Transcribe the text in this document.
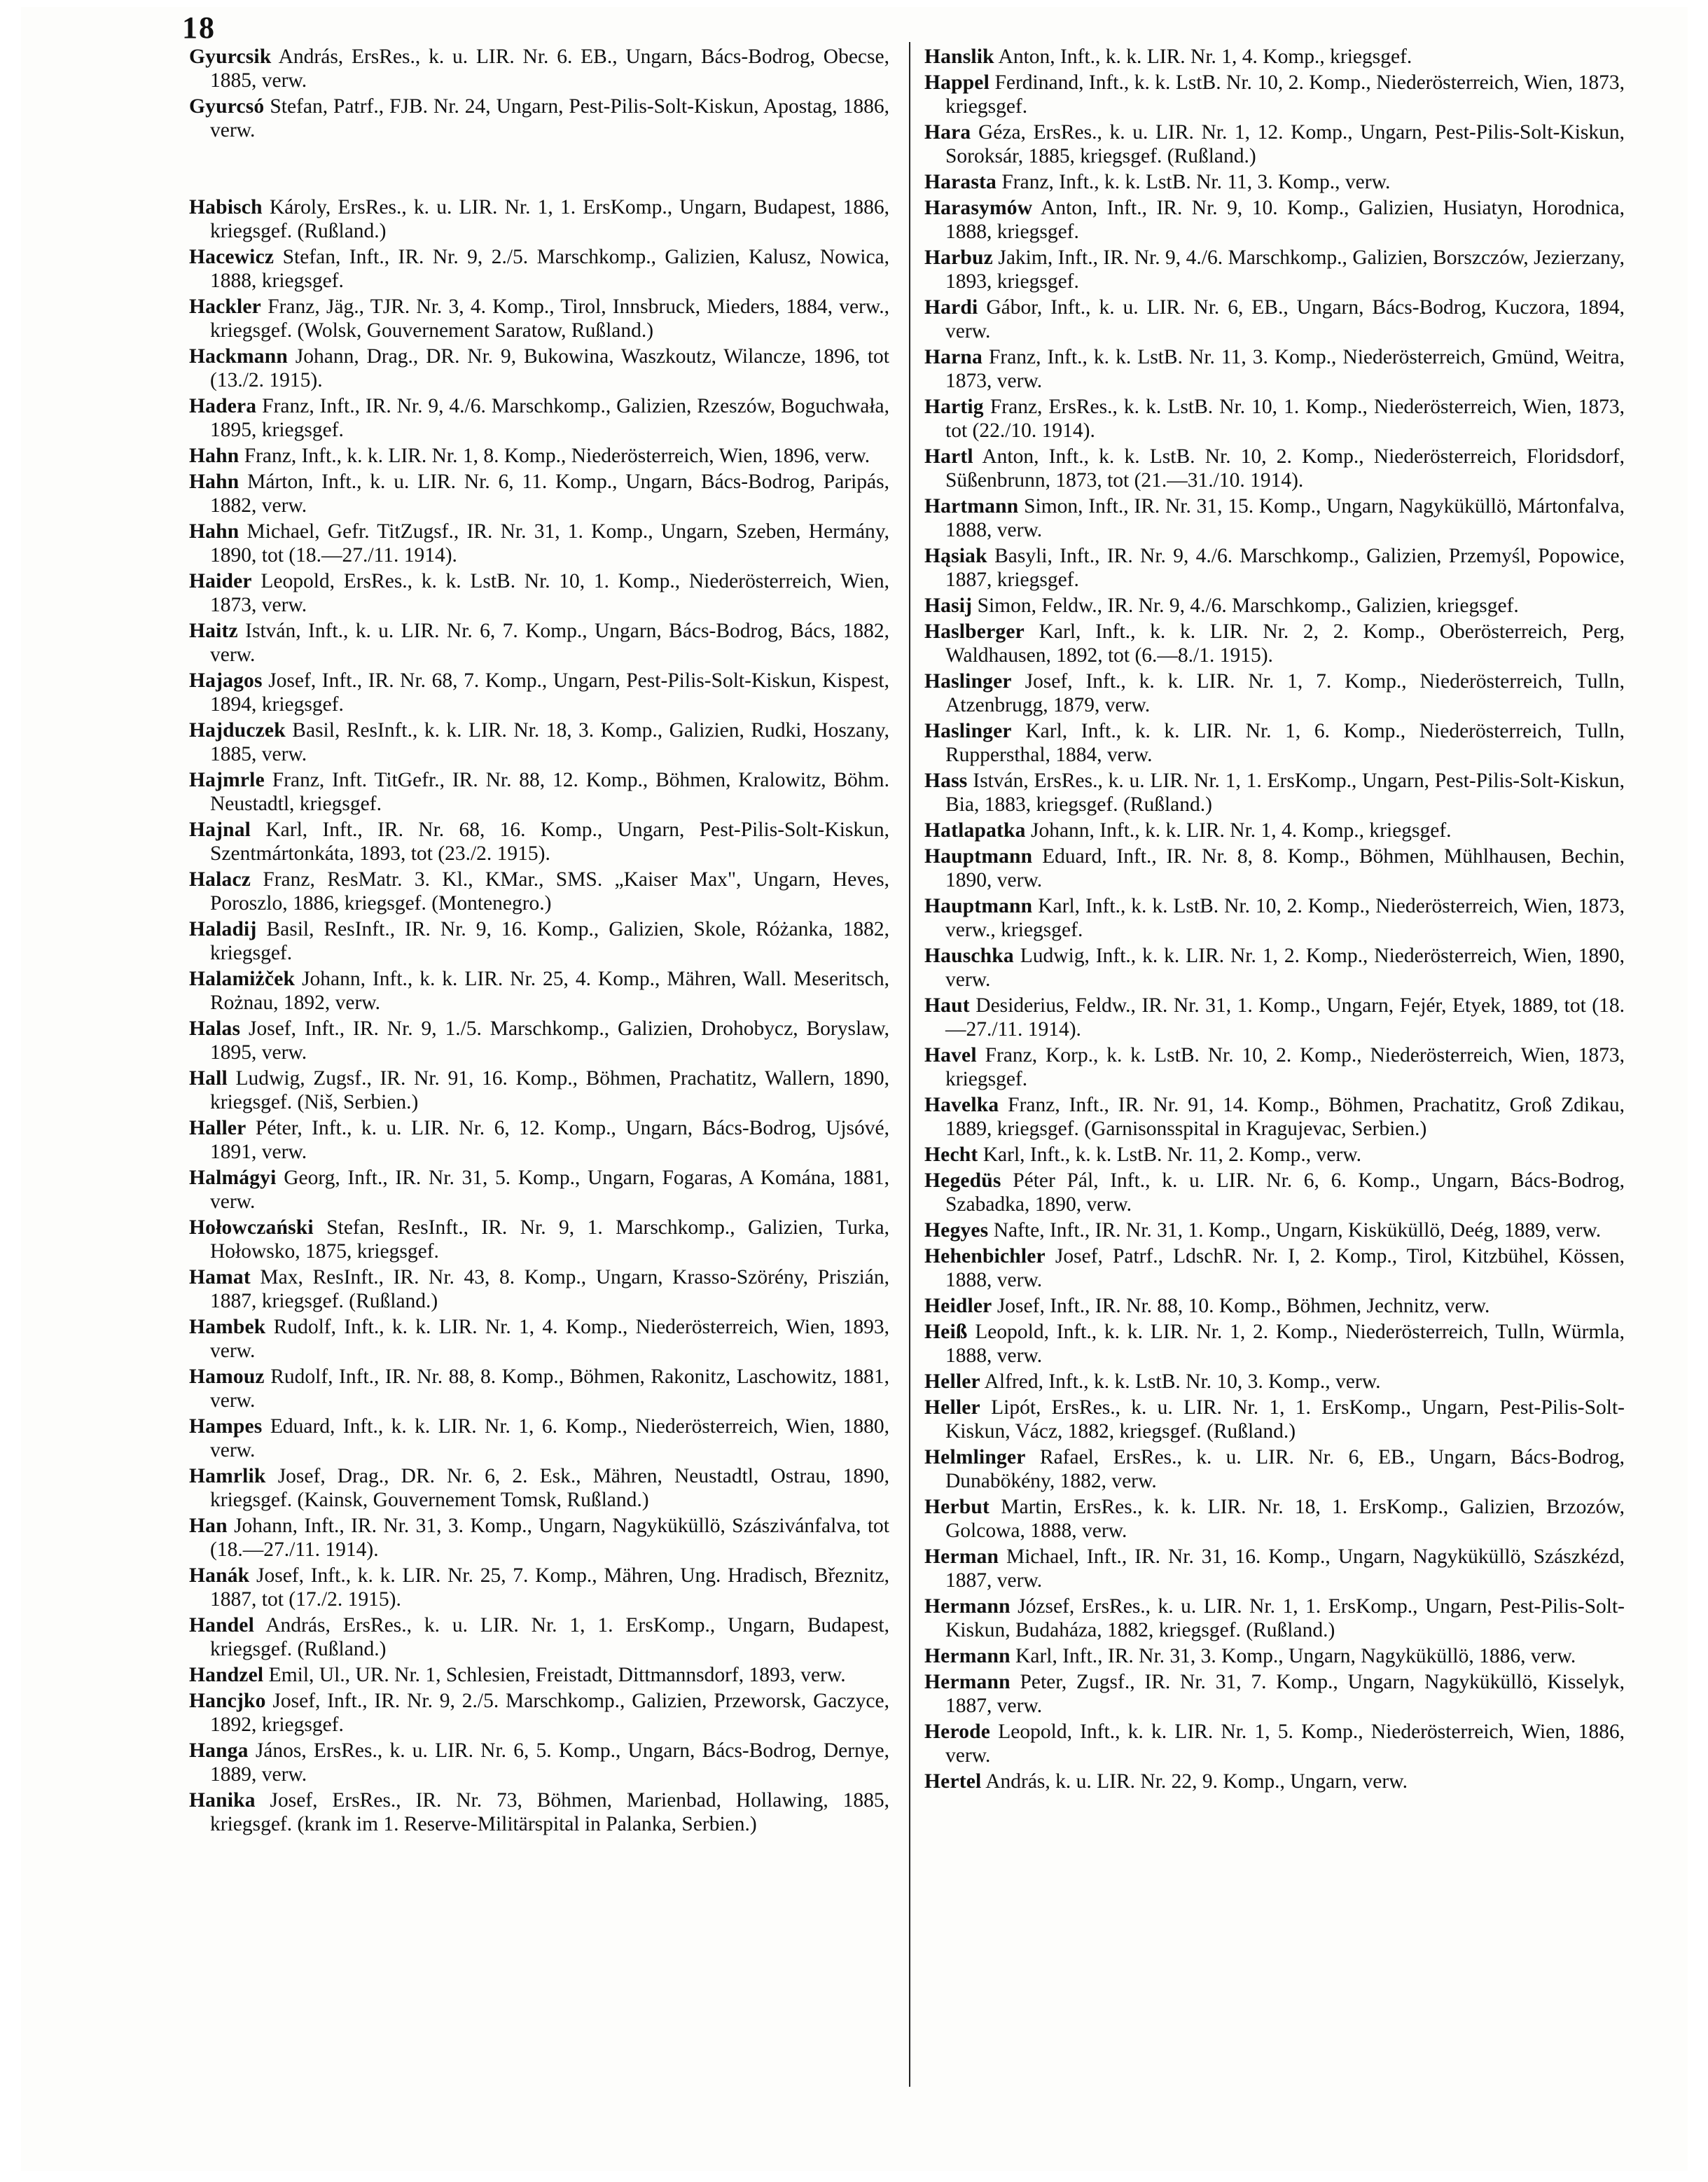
18

Gyurcsik András, ErsRes., k. u. LIR. Nr. 6. EB., Ungarn, Bács-Bodrog, Obecse, 1885, verw.

Gyurcsó Stefan, Patrf., FJB. Nr. 24, Ungarn, Pest-Pilis-Solt-Kiskun, Apostag, 1886, verw.

Habisch Károly, ErsRes., k. u. LIR. Nr. 1, 1. ErsKomp., Ungarn, Budapest, 1886, kriegsgef. (Rußland.)

Hacewicz Stefan, Inft., IR. Nr. 9, 2./5. Marschkomp., Galizien, Kalusz, Nowica, 1888, kriegsgef.

Hackler Franz, Jäg., TJR. Nr. 3, 4. Komp., Tirol, Innsbruck, Mieders, 1884, verw., kriegsgef. (Wolsk, Gouvernement Saratow, Rußland.)

Hackmann Johann, Drag., DR. Nr. 9, Bukowina, Waszkoutz, Wilancze, 1896, tot (13./2. 1915).

Hadera Franz, Inft., IR. Nr. 9, 4./6. Marschkomp., Galizien, Rzeszów, Boguchwała, 1895, kriegsgef.

Hahn Franz, Inft., k. k. LIR. Nr. 1, 8. Komp., Niederösterreich, Wien, 1896, verw.

Hahn Márton, Inft., k. u. LIR. Nr. 6, 11. Komp., Ungarn, Bács-Bodrog, Paripás, 1882, verw.

Hahn Michael, Gefr. TitZugsf., IR. Nr. 31, 1. Komp., Ungarn, Szeben, Hermány, 1890, tot (18.—27./11. 1914).

Haider Leopold, ErsRes., k. k. LstB. Nr. 10, 1. Komp., Niederösterreich, Wien, 1873, verw.

Haitz István, Inft., k. u. LIR. Nr. 6, 7. Komp., Ungarn, Bács-Bodrog, Bács, 1882, verw.

Hajagos Josef, Inft., IR. Nr. 68, 7. Komp., Ungarn, Pest-Pilis-Solt-Kiskun, Kispest, 1894, kriegsgef.

Hajduczek Basil, ResInft., k. k. LIR. Nr. 18, 3. Komp., Galizien, Rudki, Hoszany, 1885, verw.

Hajmrle Franz, Inft. TitGefr., IR. Nr. 88, 12. Komp., Böhmen, Kralowitz, Böhm. Neustadtl, kriegsgef.

Hajnal Karl, Inft., IR. Nr. 68, 16. Komp., Ungarn, Pest-Pilis-Solt-Kiskun, Szentmártonkáta, 1893, tot (23./2. 1915).

Halacz Franz, ResMatr. 3. Kl., KMar., SMS. „Kaiser Max", Ungarn, Heves, Poroszlo, 1886, kriegsgef. (Montenegro.)

Haladij Basil, ResInft., IR. Nr. 9, 16. Komp., Galizien, Skole, Różanka, 1882, kriegsgef.

Halamiżček Johann, Inft., k. k. LIR. Nr. 25, 4. Komp., Mähren, Wall. Meseritsch, Rożnau, 1892, verw.

Halas Josef, Inft., IR. Nr. 9, 1./5. Marschkomp., Galizien, Drohobycz, Boryslaw, 1895, verw.

Hall Ludwig, Zugsf., IR. Nr. 91, 16. Komp., Böhmen, Prachatitz, Wallern, 1890, kriegsgef. (Niš, Serbien.)

Haller Péter, Inft., k. u. LIR. Nr. 6, 12. Komp., Ungarn, Bács-Bodrog, Ujsóvé, 1891, verw.

Halmágyi Georg, Inft., IR. Nr. 31, 5. Komp., Ungarn, Fogaras, A Komána, 1881, verw.

Hołowczański Stefan, ResInft., IR. Nr. 9, 1. Marschkomp., Galizien, Turka, Hołowsko, 1875, kriegsgef.

Hamat Max, ResInft., IR. Nr. 43, 8. Komp., Ungarn, Krasso-Szörény, Priszián, 1887, kriegsgef. (Rußland.)

Hambek Rudolf, Inft., k. k. LIR. Nr. 1, 4. Komp., Niederösterreich, Wien, 1893, verw.

Hamouz Rudolf, Inft., IR. Nr. 88, 8. Komp., Böhmen, Rakonitz, Laschowitz, 1881, verw.

Hampes Eduard, Inft., k. k. LIR. Nr. 1, 6. Komp., Niederösterreich, Wien, 1880, verw.

Hamrlik Josef, Drag., DR. Nr. 6, 2. Esk., Mähren, Neustadtl, Ostrau, 1890, kriegsgef. (Kainsk, Gouvernement Tomsk, Rußland.)

Han Johann, Inft., IR. Nr. 31, 3. Komp., Ungarn, Nagyküküllö, Szászivánfalva, tot (18.—27./11. 1914).

Hanák Josef, Inft., k. k. LIR. Nr. 25, 7. Komp., Mähren, Ung. Hradisch, Březnitz, 1887, tot (17./2. 1915).

Handel András, ErsRes., k. u. LIR. Nr. 1, 1. ErsKomp., Ungarn, Budapest, kriegsgef. (Rußland.)

Handzel Emil, Ul., UR. Nr. 1, Schlesien, Freistadt, Dittmannsdorf, 1893, verw.

Hancjko Josef, Inft., IR. Nr. 9, 2./5. Marschkomp., Galizien, Przeworsk, Gaczyce, 1892, kriegsgef.

Hanga János, ErsRes., k. u. LIR. Nr. 6, 5. Komp., Ungarn, Bács-Bodrog, Dernye, 1889, verw.

Hanika Josef, ErsRes., IR. Nr. 73, Böhmen, Marienbad, Hollawing, 1885, kriegsgef. (krank im 1. Reserve-Militärspital in Palanka, Serbien.)

Hanslik Anton, Inft., k. k. LIR. Nr. 1, 4. Komp., kriegsgef.

Happel Ferdinand, Inft., k. k. LstB. Nr. 10, 2. Komp., Niederösterreich, Wien, 1873, kriegsgef.

Hara Géza, ErsRes., k. u. LIR. Nr. 1, 12. Komp., Ungarn, Pest-Pilis-Solt-Kiskun, Soroksár, 1885, kriegsgef. (Rußland.)

Harasta Franz, Inft., k. k. LstB. Nr. 11, 3. Komp., verw.

Harasymów Anton, Inft., IR. Nr. 9, 10. Komp., Galizien, Husiatyn, Horodnica, 1888, kriegsgef.

Harbuz Jakim, Inft., IR. Nr. 9, 4./6. Marschkomp., Galizien, Borszczów, Jezierzany, 1893, kriegsgef.

Hardi Gábor, Inft., k. u. LIR. Nr. 6, EB., Ungarn, Bács-Bodrog, Kuczora, 1894, verw.

Harna Franz, Inft., k. k. LstB. Nr. 11, 3. Komp., Niederösterreich, Gmünd, Weitra, 1873, verw.

Hartig Franz, ErsRes., k. k. LstB. Nr. 10, 1. Komp., Niederösterreich, Wien, 1873, tot (22./10. 1914).

Hartl Anton, Inft., k. k. LstB. Nr. 10, 2. Komp., Niederösterreich, Floridsdorf, Süßenbrunn, 1873, tot (21.—31./10. 1914).

Hartmann Simon, Inft., IR. Nr. 31, 15. Komp., Ungarn, Nagyküküllö, Mártonfalva, 1888, verw.

Hąsiak Basyli, Inft., IR. Nr. 9, 4./6. Marschkomp., Galizien, Przemyśl, Popowice, 1887, kriegsgef.

Hasij Simon, Feldw., IR. Nr. 9, 4./6. Marschkomp., Galizien, kriegsgef.

Haslberger Karl, Inft., k. k. LIR. Nr. 2, 2. Komp., Oberösterreich, Perg, Waldhausen, 1892, tot (6.—8./1. 1915).

Haslinger Josef, Inft., k. k. LIR. Nr. 1, 7. Komp., Niederösterreich, Tulln, Atzenbrugg, 1879, verw.

Haslinger Karl, Inft., k. k. LIR. Nr. 1, 6. Komp., Niederösterreich, Tulln, Ruppersthal, 1884, verw.

Hass István, ErsRes., k. u. LIR. Nr. 1, 1. ErsKomp., Ungarn, Pest-Pilis-Solt-Kiskun, Bia, 1883, kriegsgef. (Rußland.)

Hatlapatka Johann, Inft., k. k. LIR. Nr. 1, 4. Komp., kriegsgef.

Hauptmann Eduard, Inft., IR. Nr. 8, 8. Komp., Böhmen, Mühlhausen, Bechin, 1890, verw.

Hauptmann Karl, Inft., k. k. LstB. Nr. 10, 2. Komp., Niederösterreich, Wien, 1873, verw., kriegsgef.

Hauschka Ludwig, Inft., k. k. LIR. Nr. 1, 2. Komp., Niederösterreich, Wien, 1890, verw.

Haut Desiderius, Feldw., IR. Nr. 31, 1. Komp., Ungarn, Fejér, Etyek, 1889, tot (18.—27./11. 1914).

Havel Franz, Korp., k. k. LstB. Nr. 10, 2. Komp., Niederösterreich, Wien, 1873, kriegsgef.

Havelka Franz, Inft., IR. Nr. 91, 14. Komp., Böhmen, Prachatitz, Groß Zdikau, 1889, kriegsgef. (Garnisonsspital in Kragujevac, Serbien.)

Hecht Karl, Inft., k. k. LstB. Nr. 11, 2. Komp., verw.

Hegedüs Péter Pál, Inft., k. u. LIR. Nr. 6, 6. Komp., Ungarn, Bács-Bodrog, Szabadka, 1890, verw.

Hegyes Nafte, Inft., IR. Nr. 31, 1. Komp., Ungarn, Kisküküllö, Deég, 1889, verw.

Hehenbichler Josef, Patrf., LdschR. Nr. I, 2. Komp., Tirol, Kitzbühel, Kössen, 1888, verw.

Heidler Josef, Inft., IR. Nr. 88, 10. Komp., Böhmen, Jechnitz, verw.

Heiß Leopold, Inft., k. k. LIR. Nr. 1, 2. Komp., Niederösterreich, Tulln, Würmla, 1888, verw.

Heller Alfred, Inft., k. k. LstB. Nr. 10, 3. Komp., verw.

Heller Lipót, ErsRes., k. u. LIR. Nr. 1, 1. ErsKomp., Ungarn, Pest-Pilis-Solt-Kiskun, Vácz, 1882, kriegsgef. (Rußland.)

Helmlinger Rafael, ErsRes., k. u. LIR. Nr. 6, EB., Ungarn, Bács-Bodrog, Dunabökény, 1882, verw.

Herbut Martin, ErsRes., k. k. LIR. Nr. 18, 1. ErsKomp., Galizien, Brzozów, Golcowa, 1888, verw.

Herman Michael, Inft., IR. Nr. 31, 16. Komp., Ungarn, Nagyküküllö, Szászkézd, 1887, verw.

Hermann József, ErsRes., k. u. LIR. Nr. 1, 1. ErsKomp., Ungarn, Pest-Pilis-Solt-Kiskun, Budaháza, 1882, kriegsgef. (Rußland.)

Hermann Karl, Inft., IR. Nr. 31, 3. Komp., Ungarn, Nagyküküllö, 1886, verw.

Hermann Peter, Zugsf., IR. Nr. 31, 7. Komp., Ungarn, Nagyküküllö, Kisselyk, 1887, verw.

Herode Leopold, Inft., k. k. LIR. Nr. 1, 5. Komp., Niederösterreich, Wien, 1886, verw.

Hertel András, k. u. LIR. Nr. 22, 9. Komp., Ungarn, verw.
